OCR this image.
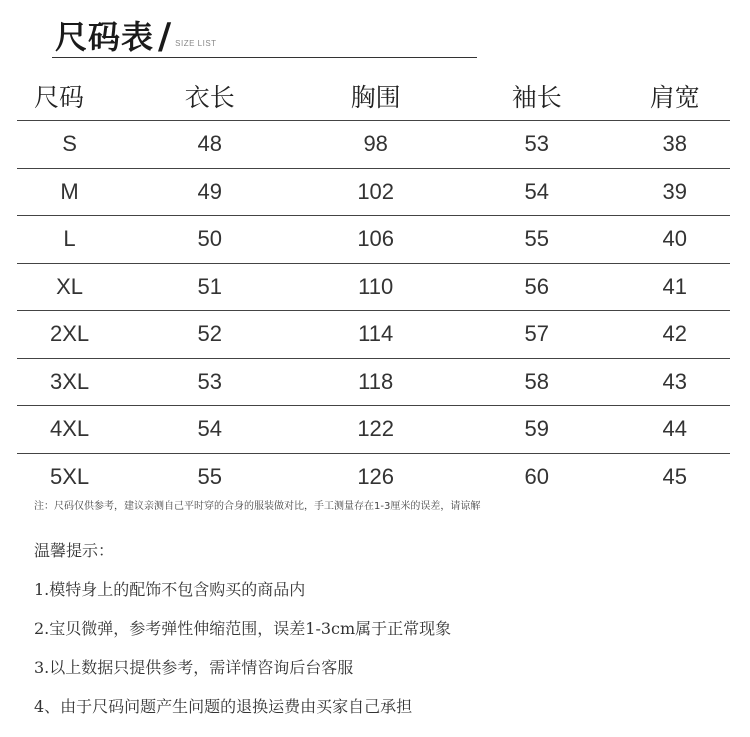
尺码表 / SIZE LIST
尺码	衣长	胸围	袖长	肩宽
S	48	98	53	38
M	49	102	54	39
L	50	106	55	40
XL	51	110	56	41
2XL	52	114	57	42
3XL	53	118	58	43
4XL	54	122	59	44
5XL	55	126	60	45
注：尺码仅供参考，建议亲测自己平时穿的合身的服装做对比，手工测量存在1-3厘米的误差，请谅解
温馨提示：
1.模特身上的配饰不包含购买的商品内
2.宝贝微弹，参考弹性伸缩范围，误差1-3cm属于正常现象
3.以上数据只提供参考，需详情咨询后台客服
4、由于尺码问题产生问题的退换运费由买家自己承担
